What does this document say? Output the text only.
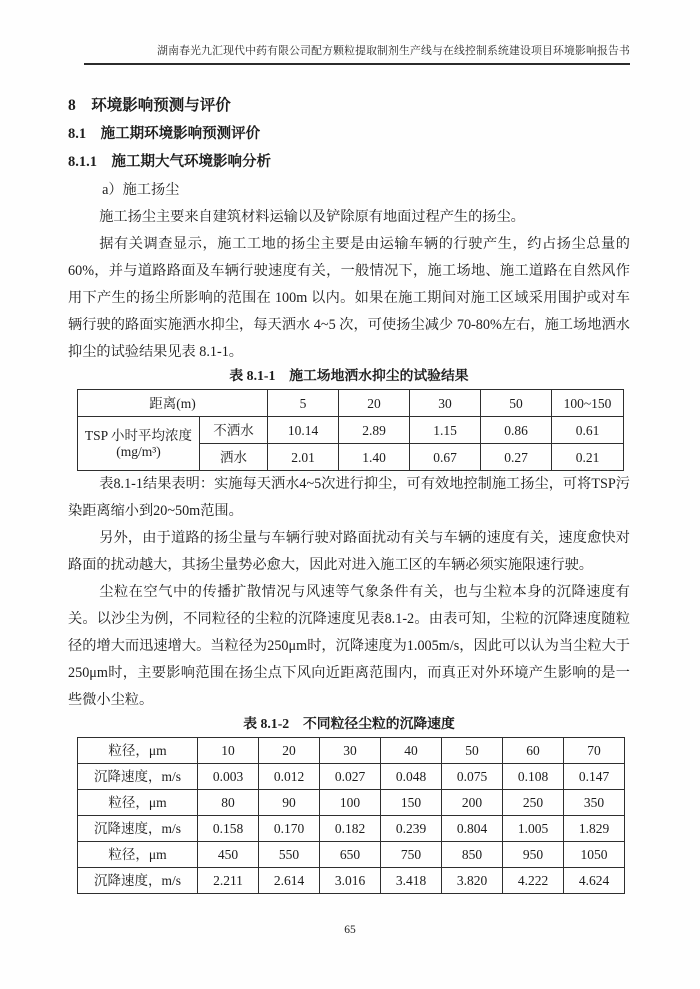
湖南春光九汇现代中药有限公司配方颗粒提取制剂生产线与在线控制系统建设项目环境影响报告书
8　环境影响预测与评价
8.1　施工期环境影响预测评价
8.1.1　施工期大气环境影响分析

a）施工扬尘

施工扬尘主要来自建筑材料运输以及铲除原有地面过程产生的扬尘。

据有关调查显示，施工工地的扬尘主要是由运输车辆的行驶产生，约占扬尘总量的60%，并与道路路面及车辆行驶速度有关，一般情况下，施工场地、施工道路在自然风作用下产生的扬尘所影响的范围在 100m 以内。如果在施工期间对施工区域采用围护或对车辆行驶的路面实施洒水抑尘，每天洒水 4~5 次，可使扬尘减少 70-80%左右，施工场地洒水抑尘的试验结果见表 8.1-1。

表 8.1-1　施工场地洒水抑尘的试验结果

距离(m)		5	20	30	50	100~150
TSP 小时平均浓度
(mg/m³)	不洒水	10.14	2.89	1.15	0.86	0.61
	洒水	2.01	1.40	0.67	0.27	0.21

表8.1-1结果表明：实施每天洒水4~5次进行抑尘，可有效地控制施工扬尘，可将TSP污染距离缩小到20~50m范围。

另外，由于道路的扬尘量与车辆行驶对路面扰动有关与车辆的速度有关，速度愈快对路面的扰动越大，其扬尘量势必愈大，因此对进入施工区的车辆必须实施限速行驶。

尘粒在空气中的传播扩散情况与风速等气象条件有关，也与尘粒本身的沉降速度有关。以沙尘为例，不同粒径的尘粒的沉降速度见表8.1-2。由表可知，尘粒的沉降速度随粒径的增大而迅速增大。当粒径为250μm时，沉降速度为1.005m/s，因此可以认为当尘粒大于250μm时，主要影响范围在扬尘点下风向近距离范围内，而真正对外环境产生影响的是一些微小尘粒。

表 8.1-2　不同粒径尘粒的沉降速度

粒径，μm	10	20	30	40	50	60	70
沉降速度，m/s	0.003	0.012	0.027	0.048	0.075	0.108	0.147
粒径，μm	80	90	100	150	200	250	350
沉降速度，m/s	0.158	0.170	0.182	0.239	0.804	1.005	1.829
粒径，μm	450	550	650	750	850	950	1050
沉降速度，m/s	2.211	2.614	3.016	3.418	3.820	4.222	4.624
65
